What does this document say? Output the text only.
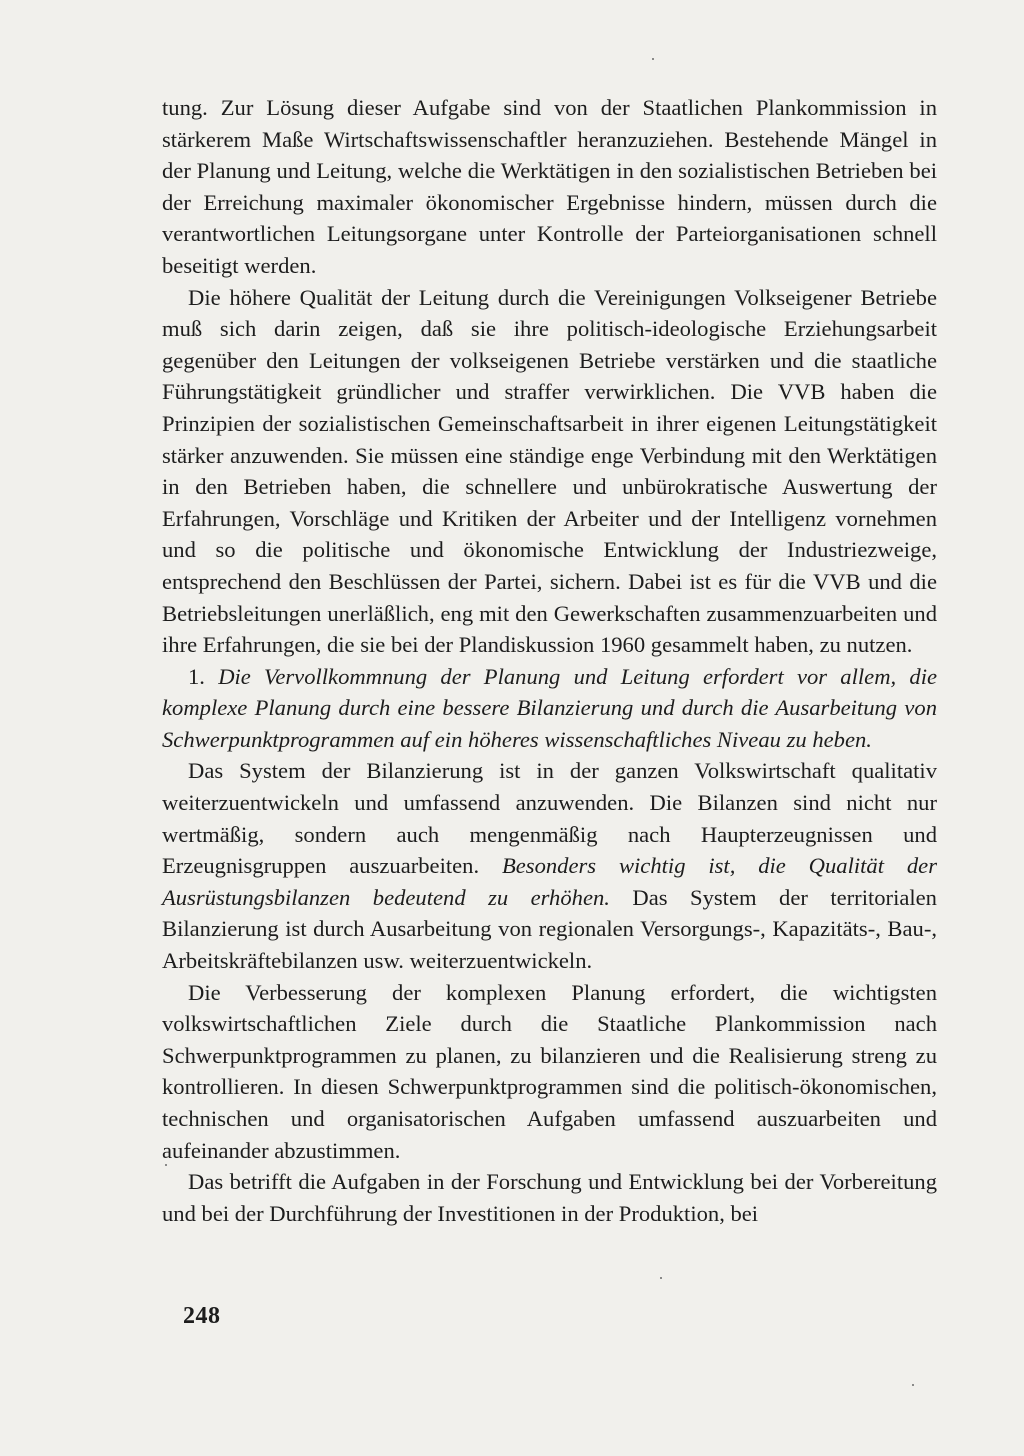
tung. Zur Lösung dieser Aufgabe sind von der Staatlichen Plankommission in stärkerem Maße Wirtschaftswissenschaftler heranzuziehen. Bestehende Mängel in der Planung und Leitung, welche die Werktätigen in den sozialistischen Betrieben bei der Erreichung maximaler ökonomischer Ergebnisse hindern, müssen durch die verantwortlichen Leitungsorgane unter Kontrolle der Parteiorganisationen schnell beseitigt werden.

Die höhere Qualität der Leitung durch die Vereinigungen Volkseigener Betriebe muß sich darin zeigen, daß sie ihre politisch-ideologische Erziehungsarbeit gegenüber den Leitungen der volkseigenen Betriebe verstärken und die staatliche Führungstätigkeit gründlicher und straffer verwirklichen. Die VVB haben die Prinzipien der sozialistischen Gemeinschaftsarbeit in ihrer eigenen Leitungstätigkeit stärker anzuwenden. Sie müssen eine ständige enge Verbindung mit den Werktätigen in den Betrieben haben, die schnellere und unbürokratische Auswertung der Erfahrungen, Vorschläge und Kritiken der Arbeiter und der Intelligenz vornehmen und so die politische und ökonomische Entwicklung der Industriezweige, entsprechend den Beschlüssen der Partei, sichern. Dabei ist es für die VVB und die Betriebsleitungen unerläßlich, eng mit den Gewerkschaften zusammenzuarbeiten und ihre Erfahrungen, die sie bei der Plandiskussion 1960 gesammelt haben, zu nutzen.

1. Die Vervollkommnung der Planung und Leitung erfordert vor allem, die komplexe Planung durch eine bessere Bilanzierung und durch die Ausarbeitung von Schwerpunktprogrammen auf ein höheres wissenschaftliches Niveau zu heben.

Das System der Bilanzierung ist in der ganzen Volkswirtschaft qualitativ weiterzuentwickeln und umfassend anzuwenden. Die Bilanzen sind nicht nur wertmäßig, sondern auch mengenmäßig nach Haupterzeugnissen und Erzeugnisgruppen auszuarbeiten. Besonders wichtig ist, die Qualität der Ausrüstungsbilanzen bedeutend zu erhöhen. Das System der territorialen Bilanzierung ist durch Ausarbeitung von regionalen Versorgungs-, Kapazitäts-, Bau-, Arbeitskräftebilanzen usw. weiterzuentwickeln.

Die Verbesserung der komplexen Planung erfordert, die wichtigsten volkswirtschaftlichen Ziele durch die Staatliche Plankommission nach Schwerpunktprogrammen zu planen, zu bilanzieren und die Realisierung streng zu kontrollieren. In diesen Schwerpunktprogrammen sind die politisch-ökonomischen, technischen und organisatorischen Aufgaben umfassend auszuarbeiten und aufeinander abzustimmen.

Das betrifft die Aufgaben in der Forschung und Entwicklung bei der Vorbereitung und bei der Durchführung der Investitionen in der Produktion, bei

248
